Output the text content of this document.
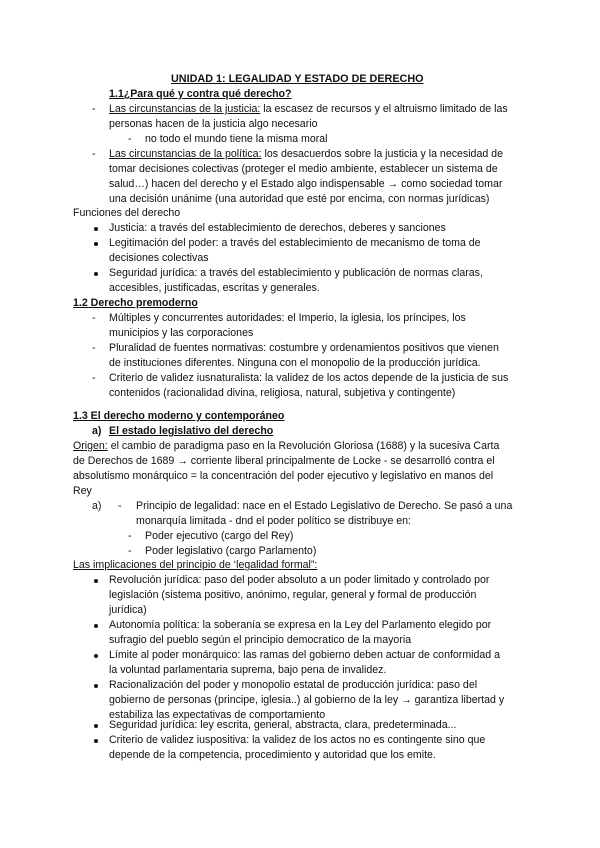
UNIDAD 1: LEGALIDAD Y ESTADO DE DERECHO
1.1¿Para qué y contra qué derecho?
- Las circunstancias de la justicia: la escasez de recursos y el altruismo limitado de las
personas hacen de la justicia algo necesario
- no todo el mundo tiene la misma moral
- Las circunstancias de la política: los desacuerdos sobre la justicia y la necesidad de
tomar decisiones colectivas (proteger el medio ambiente, establecer un sistema de
salud…) hacen del derecho y el Estado algo indispensable → como sociedad tomar
una decisión unánime (una autoridad que esté por encima, con normas jurídicas)
Funciones del derecho
Justicia: a través del establecimiento de derechos, deberes y sanciones
Legitimación del poder: a través del establecimiento de mecanismo de toma de
decisiones colectivas
Seguridad jurídica: a través del establecimiento y publicación de normas claras,
accesibles, justificadas, escritas y generales.
1.2 Derecho premoderno
- Múltiples y concurrentes autoridades: el Imperio, la iglesia, los príncipes, los
municipios y las corporaciones
- Pluralidad de fuentes normativas: costumbre y ordenamientos positivos que vienen
de instituciones diferentes. Ninguna con el monopolio de la producción jurídica.
- Criterio de validez iusnaturalista: la validez de los actos depende de la justicia de sus
contenidos (racionalidad divina, religiosa, natural, subjetiva y contingente)
1.3 El derecho moderno y contemporáneo
a) El estado legislativo del derecho
Origen: el cambio de paradigma paso en la Revolución Gloriosa (1688) y la sucesiva Carta
de Derechos de 1689 → corriente liberal principalmente de Locke - se desarrolló contra el
absolutismo monárquico = la concentración del poder ejecutivo y legislativo en manos del
Rey
a) - Principio de legalidad: nace en el Estado Legislativo de Derecho. Se pasó a una
monarquía limitada - dnd el poder político se distribuye en:
- Poder ejecutivo (cargo del Rey)
- Poder legislativo (cargo Parlamento)
Las implicaciones del principio de ‘legalidad formal”:
Revolución jurídica: paso del poder absoluto a un poder limitado y controlado por
legislación (sistema positivo, anónimo, regular, general y formal de producción
jurídica)
Autonomía política: la soberanía se expresa en la Ley del Parlamento elegido por
sufragio del pueblo según el principio democratico de la mayoria
Límite al poder monárquico: las ramas del gobierno deben actuar de conformidad a
la voluntad parlamentaria suprema, bajo pena de invalidez.
Racionalización del poder y monopolio estatal de producción jurídica: paso del
gobierno de personas (principe, iglesia..) al gobierno de la ley → garantiza libertad y
estabiliza las expectativas de comportamiento
Seguridad jurídica: ley escrita, general, abstracta, clara, predeterminada...
Criterio de validez iuspositiva: la validez de los actos no es contingente sino que
depende de la competencia, procedimiento y autoridad que los emite.
